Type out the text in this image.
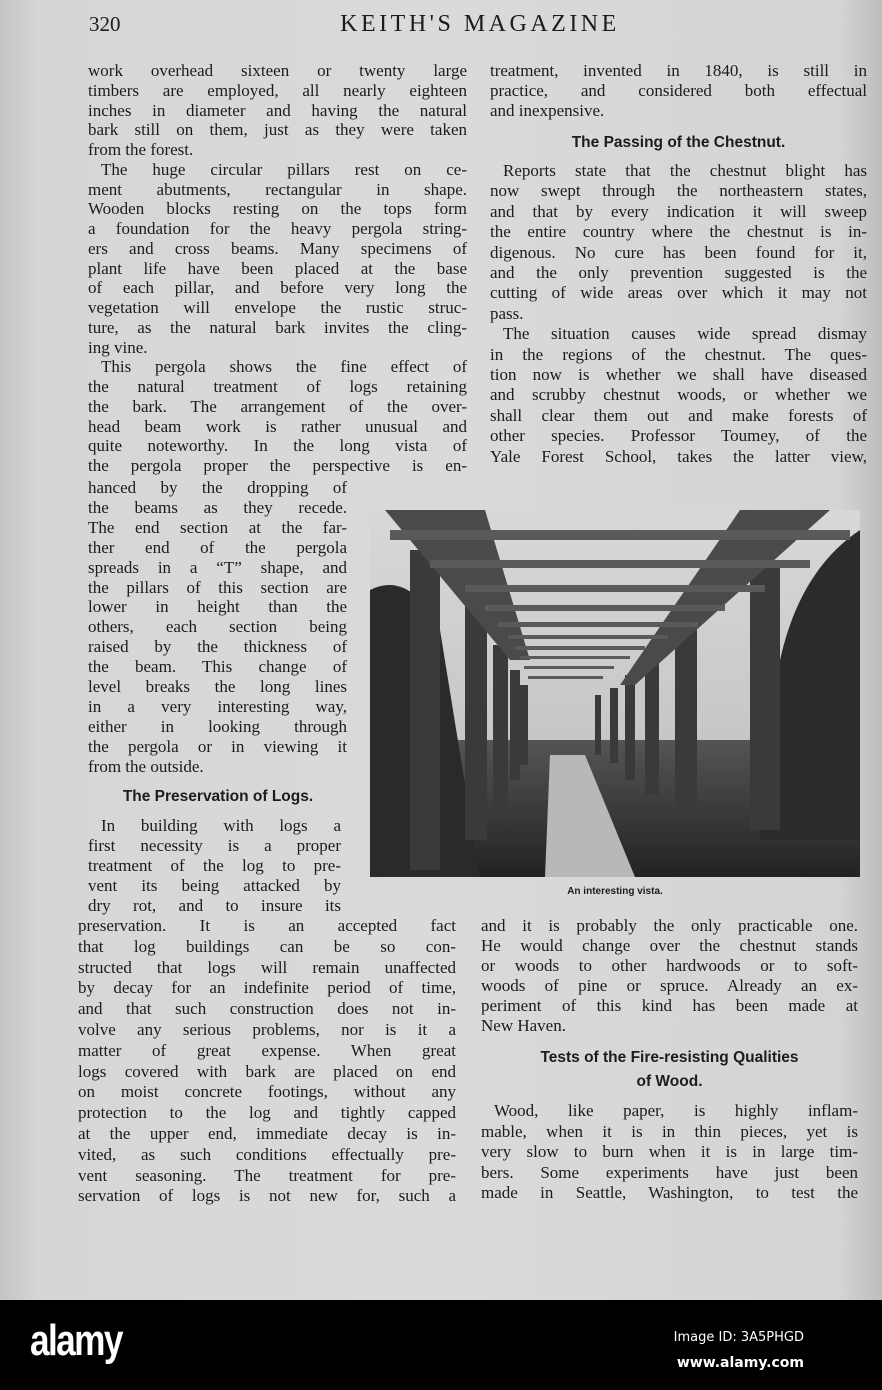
320	KEITH'S MAGAZINE
work overhead sixteen or twenty large
timbers are employed, all nearly eighteen
inches in diameter and having the natural
bark still on them, just as they were taken
from the forest.
The huge circular pillars rest on ce-
ment abutments, rectangular in shape.
Wooden blocks resting on the tops form
a foundation for the heavy pergola string-
ers and cross beams. Many specimens of
plant life have been placed at the base
of each pillar, and before very long the
vegetation will envelope the rustic struc-
ture, as the natural bark invites the cling-
ing vine.
This pergola shows the fine effect of
the natural treatment of logs retaining
the bark. The arrangement of the over-
head beam work is rather unusual and
quite noteworthy. In the long vista of
the pergola proper the perspective is en-
hanced by the dropping of
the beams as they recede.
The end section at the far-
ther end of the pergola
spreads in a “T” shape, and
the pillars of this section are
lower in height than the
others, each section being
raised by the thickness of
the beam. This change of
level breaks the long lines
in a very interesting way,
either in looking through
the pergola or in viewing it
from the outside.
The Preservation of Logs.
In building with logs a
first necessity is a proper
treatment of the log to pre-
vent its being attacked by
dry rot, and to insure its
preservation. It is an accepted fact
that log buildings can be so con-
structed that logs will remain unaffected
by decay for an indefinite period of time,
and that such construction does not in-
volve any serious problems, nor is it a
matter of great expense. When great
logs covered with bark are placed on end
on moist concrete footings, without any
protection to the log and tightly capped
at the upper end, immediate decay is in-
vited, as such conditions effectually pre-
vent seasoning. The treatment for pre-
servation of logs is not new for, such a
treatment, invented in 1840, is still in
practice, and considered both effectual
and inexpensive.
The Passing of the Chestnut.
Reports state that the chestnut blight has
now swept through the northeastern states,
and that by every indication it will sweep
the entire country where the chestnut is in-
digenous. No cure has been found for it,
and the only prevention suggested is the
cutting of wide areas over which it may not
pass.
The situation causes wide spread dismay
in the regions of the chestnut. The ques-
tion now is whether we shall have diseased
and scrubby chestnut woods, or whether we
shall clear them out and make forests of
other species. Professor Toumey, of the
Yale Forest School, takes the latter view,
An interesting vista.
and it is probably the only practicable one.
He would change over the chestnut stands
or woods to other hardwoods or to soft-
woods of pine or spruce. Already an ex-
periment of this kind has been made at
New Haven.
Tests of the Fire-resisting Qualities
of Wood.
Wood, like paper, is highly inflam-
mable, when it is in thin pieces, yet is
very slow to burn when it is in large tim-
bers. Some experiments have just been
made in Seattle, Washington, to test the
alamy	Image ID: 3A5PHGD
www.alamy.com
